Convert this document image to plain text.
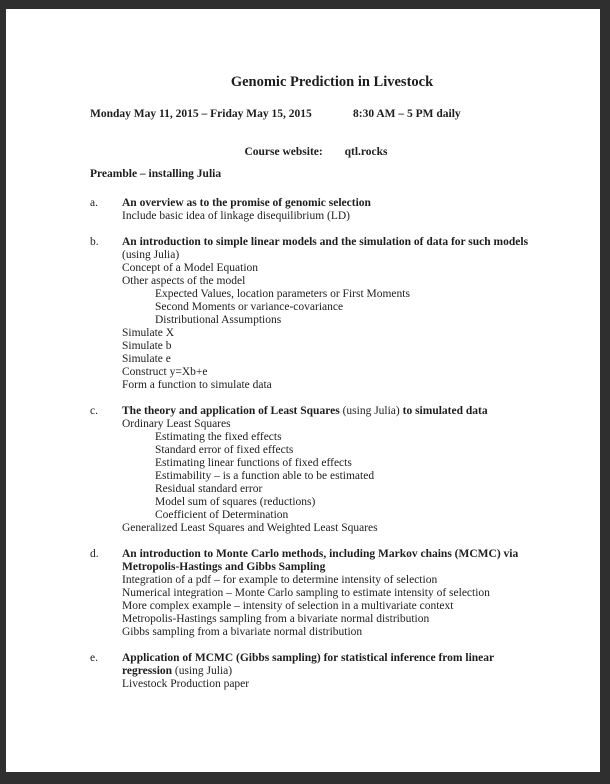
Genomic Prediction in Livestock
Monday May 11, 2015 – Friday May 15, 2015	8:30 AM – 5 PM daily
Course website: qtl.rocks
Preamble – installing Julia
a.	An overview as to the promise of genomic selection
Include basic idea of linkage disequilibrium (LD)
b.	An introduction to simple linear models and the simulation of data for such models
(using Julia)
Concept of a Model Equation
Other aspects of the model
Expected Values, location parameters or First Moments
Second Moments or variance-covariance
Distributional Assumptions
Simulate X
Simulate b
Simulate e
Construct y=Xb+e
Form a function to simulate data
c.	The theory and application of Least Squares (using Julia) to simulated data
Ordinary Least Squares
Estimating the fixed effects
Standard error of fixed effects
Estimating linear functions of fixed effects
Estimability – is a function able to be estimated
Residual standard error
Model sum of squares (reductions)
Coefficient of Determination
Generalized Least Squares and Weighted Least Squares
d.	An introduction to Monte Carlo methods, including Markov chains (MCMC) via
Metropolis-Hastings and Gibbs Sampling
Integration of a pdf – for example to determine intensity of selection
Numerical integration – Monte Carlo sampling to estimate intensity of selection
More complex example – intensity of selection in a multivariate context
Metropolis-Hastings sampling from a bivariate normal distribution
Gibbs sampling from a bivariate normal distribution
e.	Application of MCMC (Gibbs sampling) for statistical inference from linear
regression (using Julia)
Livestock Production paper
